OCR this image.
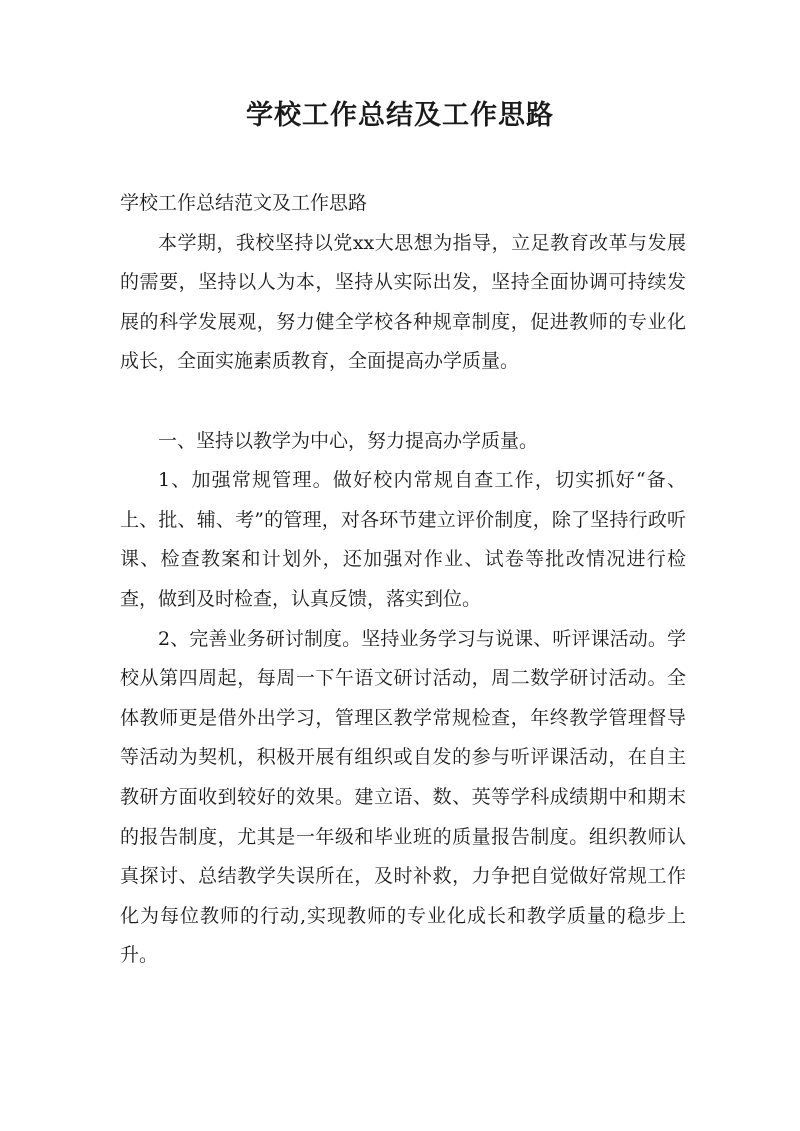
学校工作总结及工作思路

学校工作总结范文及工作思路

本学期，我校坚持以党xx大思想为指导，立足教育改革与发展的需要，坚持以人为本，坚持从实际出发，坚持全面协调可持续发展的科学发展观，努力健全学校各种规章制度，促进教师的专业化成长，全面实施素质教育，全面提高办学质量。

一、坚持以教学为中心，努力提高办学质量。

1、加强常规管理。做好校内常规自查工作，切实抓好“备、上、批、辅、考”的管理，对各环节建立评价制度，除了坚持行政听课、检查教案和计划外，还加强对作业、试卷等批改情况进行检查，做到及时检查，认真反馈，落实到位。

2、完善业务研讨制度。坚持业务学习与说课、听评课活动。学校从第四周起，每周一下午语文研讨活动，周二数学研讨活动。全体教师更是借外出学习，管理区教学常规检查，年终教学管理督导等活动为契机，积极开展有组织或自发的参与听评课活动，在自主教研方面收到较好的效果。建立语、数、英等学科成绩期中和期末的报告制度，尤其是一年级和毕业班的质量报告制度。组织教师认真探讨、总结教学失误所在，及时补救，力争把自觉做好常规工作化为每位教师的行动,实现教师的专业化成长和教学质量的稳步上升。
